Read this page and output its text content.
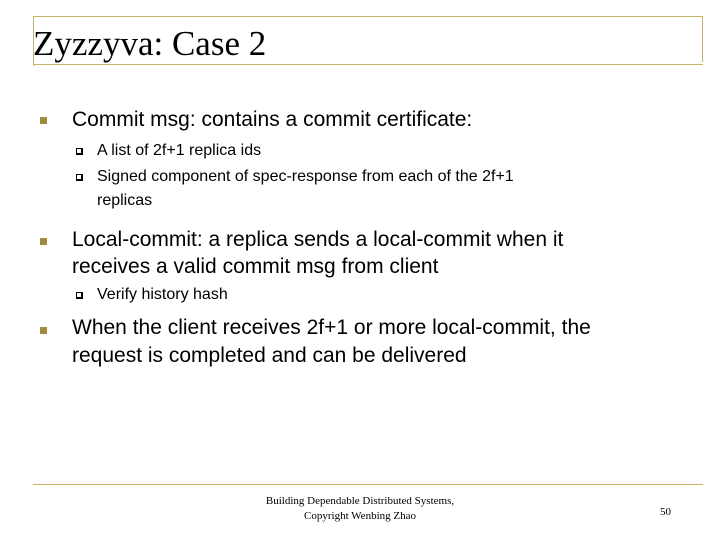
Zyzzyva: Case 2
Commit msg: contains a commit certificate:
A list of 2f+1 replica ids
Signed component of spec-response from each of the 2f+1
replicas
Local-commit: a replica sends a local-commit when it
receives a valid commit msg from client
Verify history hash
When the client receives 2f+1 or more local-commit, the
request is completed and can be delivered
Building Dependable Distributed Systems,
Copyright Wenbing Zhao	50
